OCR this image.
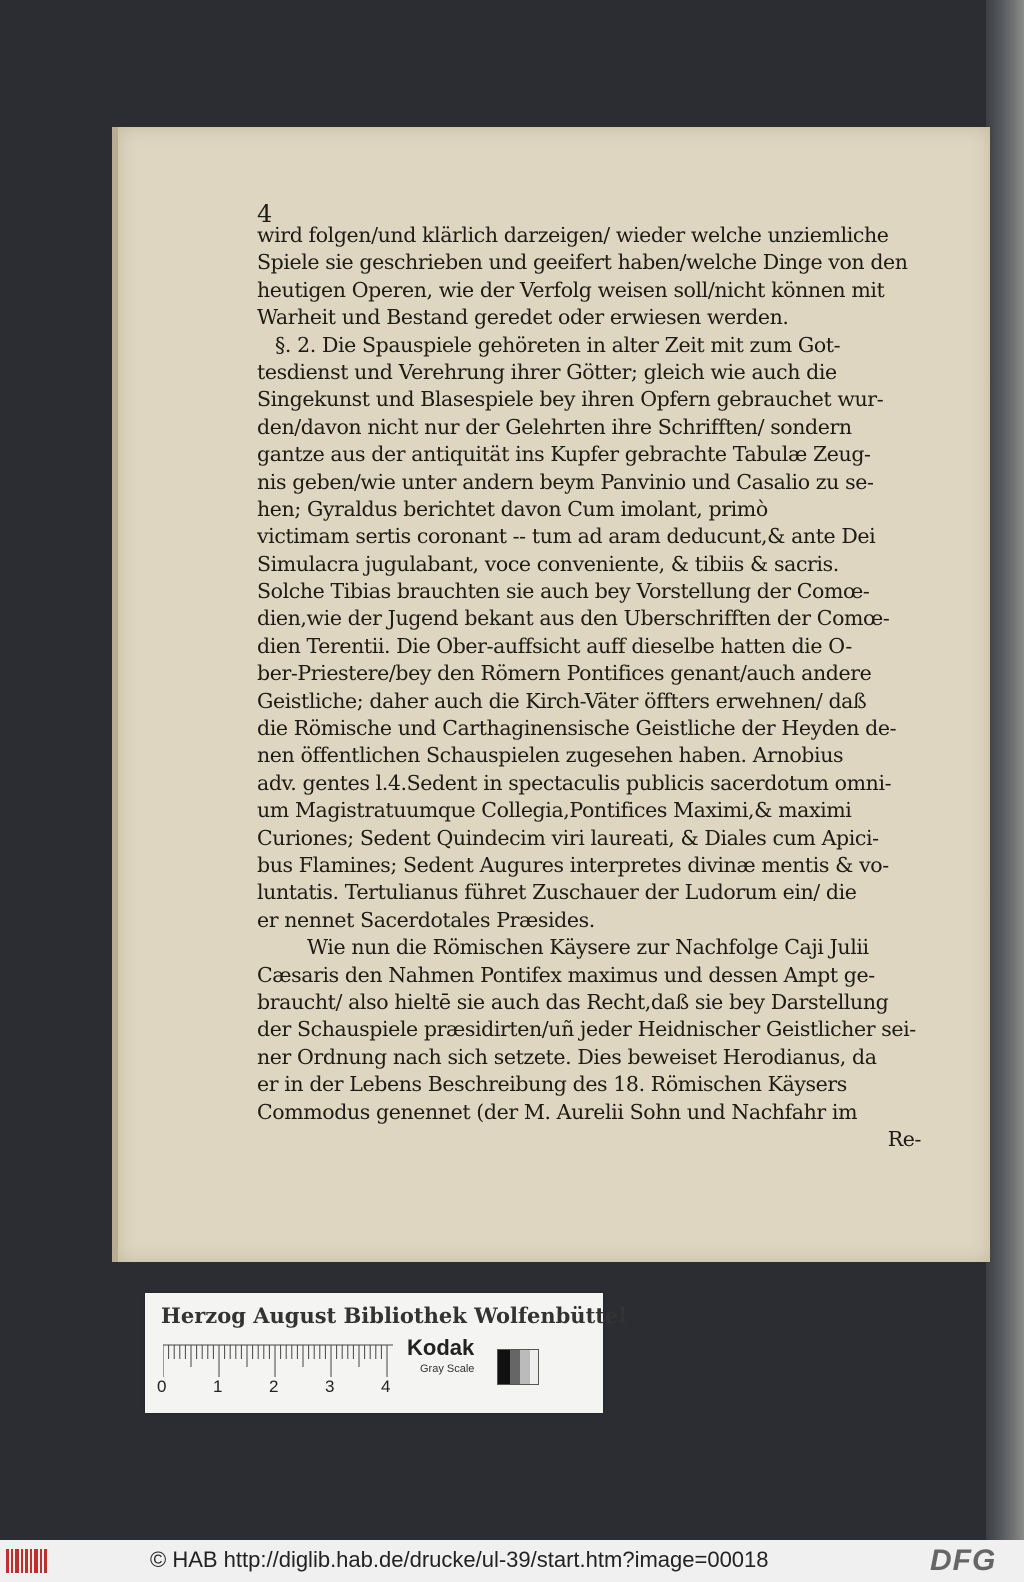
4
wird folgen/und klärlich darzeigen/ wieder welche unziemliche
Spiele sie geschrieben und geeifert haben/welche Dinge von den
heutigen Operen, wie der Verfolg weisen soll/nicht können mit
Warheit und Bestand geredet oder erwiesen werden.
§. 2. Die Spauspiele gehöreten in alter Zeit mit zum Got-
tesdienst und Verehrung ihrer Götter; gleich wie auch die
Singekunst und Blasespiele bey ihren Opfern gebrauchet wur-
den/davon nicht nur der Gelehrten ihre Schrifften/ sondern
gantze aus der antiquität ins Kupfer gebrachte Tabulæ Zeug-
nis geben/wie unter andern beym Panvinio und Casalio zu se-
hen; Gyraldus berichtet davon Cum imolant, primò
victimam sertis coronant -- tum ad aram deducunt,& ante Dei
Simulacra jugulabant, voce conveniente, & tibiis & sacris.
Solche Tibias brauchten sie auch bey Vorstellung der Comœ-
dien,wie der Jugend bekant aus den Uberschrifften der Comœ-
dien Terentii. Die Ober-auffsicht auff dieselbe hatten die O-
ber-Priestere/bey den Römern Pontifices genant/auch andere
Geistliche; daher auch die Kirch-Väter öffters erwehnen/ daß
die Römische und Carthaginensische Geistliche der Heyden de-
nen öffentlichen Schauspielen zugesehen haben. Arnobius
adv. gentes l.4.Sedent in spectaculis publicis sacerdotum omni-
um Magistratuumque Collegia,Pontifices Maximi,& maximi
Curiones; Sedent Quindecim viri laureati, & Diales cum Apici-
bus Flamines; Sedent Augures interpretes divinæ mentis & vo-
luntatis. Tertulianus führet Zuschauer der Ludorum ein/ die
er nennet Sacerdotales Præsides.
Wie nun die Römischen Käysere zur Nachfolge Caji Julii
Cæsaris den Nahmen Pontifex maximus und dessen Ampt ge-
braucht/ also hieltē sie auch das Recht,daß sie bey Darstellung
der Schauspiele præsidirten/uñ jeder Heidnischer Geistlicher sei-
ner Ordnung nach sich setzete. Dies beweiset Herodianus, da
er in der Lebens Beschreibung des 18. Römischen Käysers
Commodus genennet (der M. Aurelii Sohn und Nachfahr im
Re-
Herzog August Bibliothek Wolfenbüttel
0	1	2	3	4
Kodak
Gray Scale
© HAB http://diglib.hab.de/drucke/ul-39/start.htm?image=00018	DFG
